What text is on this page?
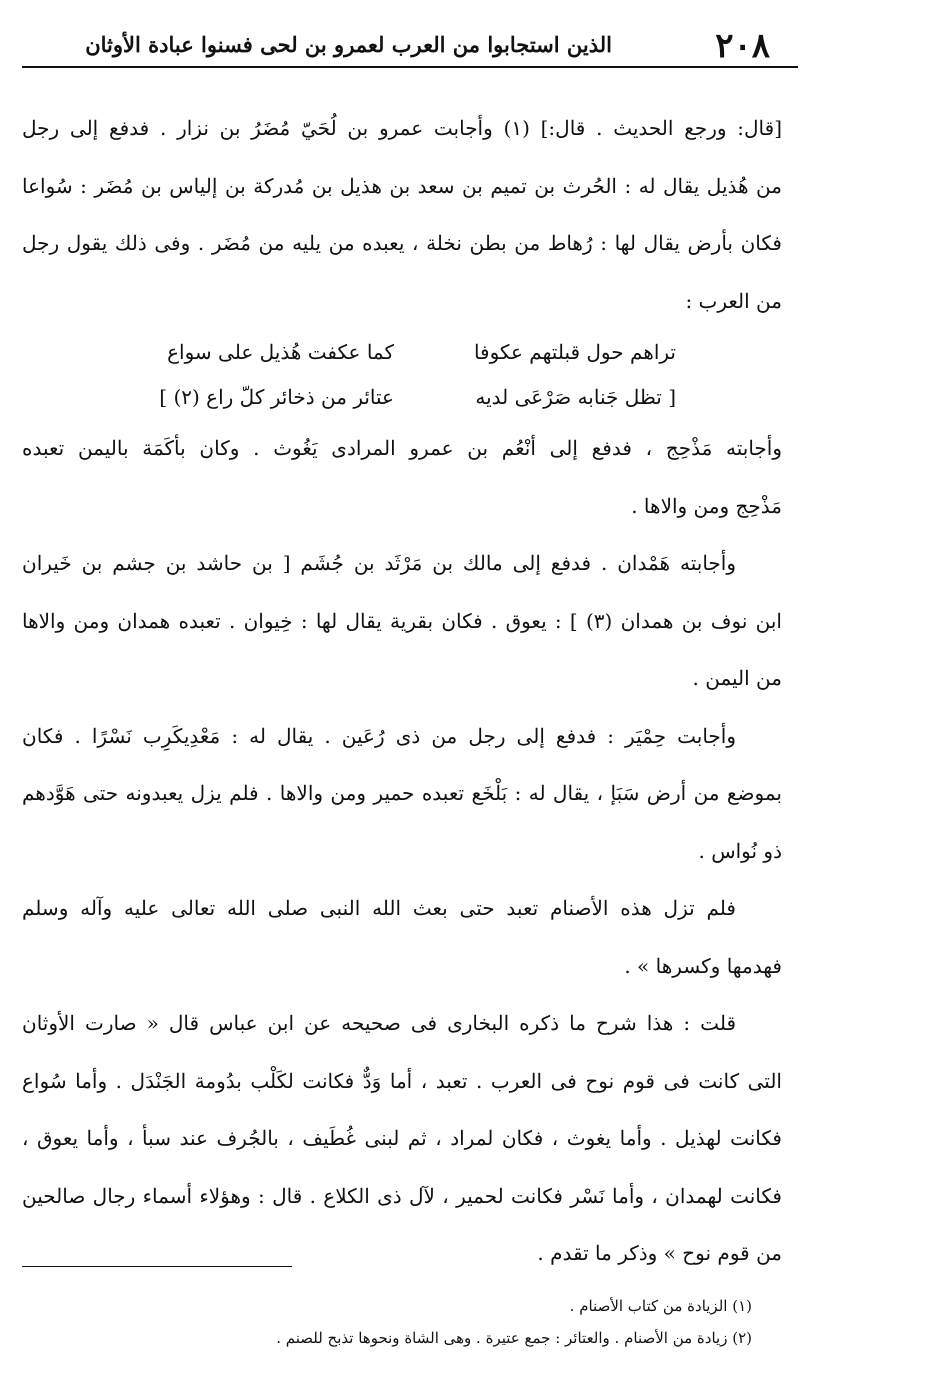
٢٠٨
الذين استجابوا من العرب لعمرو بن لحى فسنوا عبادة الأوثان
[قال: ورجع الحديث . قال:] (١) وأجابت عمرو بن لُحَيّ مُضَرُ بن نزار . فدفع إلى رجل
من هُذيل يقال له : الحُرث بن تميم بن سعد بن هذيل بن مُدركة بن إلياس بن مُضَر : سُواعا
فكان بأرض يقال لها : رُهاط من بطن نخلة ، يعبده من يليه من مُضَر . وفى ذلك يقول رجل
من العرب :
تراهم حول قبلتهم عكوفا
كما عكفت هُذيل على سواع
[ تظل جَنابه صَرْعَى لديه
عتائر من ذخائر كلّ راع (٢) ]
وأجابته مَذْحِج ، فدفع إلى أنْعُم بن عمرو المرادى يَغُوث . وكان بأكَمَة باليمن تعبده
مَذْحِج ومن والاها .
وأجابته هَمْدان . فدفع إلى مالك بن مَرْثَد بن جُشَم [ بن حاشد بن جشم بن خَيران
ابن نوف بن همدان (٣) ] : يعوق . فكان بقرية يقال لها : خِيوان . تعبده همدان ومن والاها
من اليمن .
وأجابت حِمْيَر : فدفع إلى رجل من ذى رُعَين . يقال له : مَعْدِيكَرِب نَسْرًا . فكان
بموضع من أرض سَبَإ ، يقال له : بَلْخَع تعبده حمير ومن والاها . فلم يزل يعبدونه حتى هَوَّدهم
ذو نُواس .
فلم تزل هذه الأصنام تعبد حتى بعث الله النبى صلى الله تعالى عليه وآله وسلم
فهدمها وكسرها » .
قلت : هذا شرح ما ذكره البخارى فى صحيحه عن ابن عباس قال « صارت الأوثان
التى كانت فى قوم نوح فى العرب . تعبد ، أما وَدٌّ فكانت لكَلْب بدُومة الجَنْدَل . وأما سُواع
فكانت لهذيل . وأما يغوث ، فكان لمراد ، ثم لبنى غُطَيف ، بالجُرف عند سبأ ، وأما يعوق ،
فكانت لهمدان ، وأما نَسْر فكانت لحمير ، لآل ذى الكلاع . قال : وهؤلاء أسماء رجال صالحين
من قوم نوح » وذكر ما تقدم .
(١) الزيادة من كتاب الأصنام .
(٢) زيادة من الأصنام . والعتائر : جمع عتيرة . وهى الشاة ونحوها تذبح للصنم .
